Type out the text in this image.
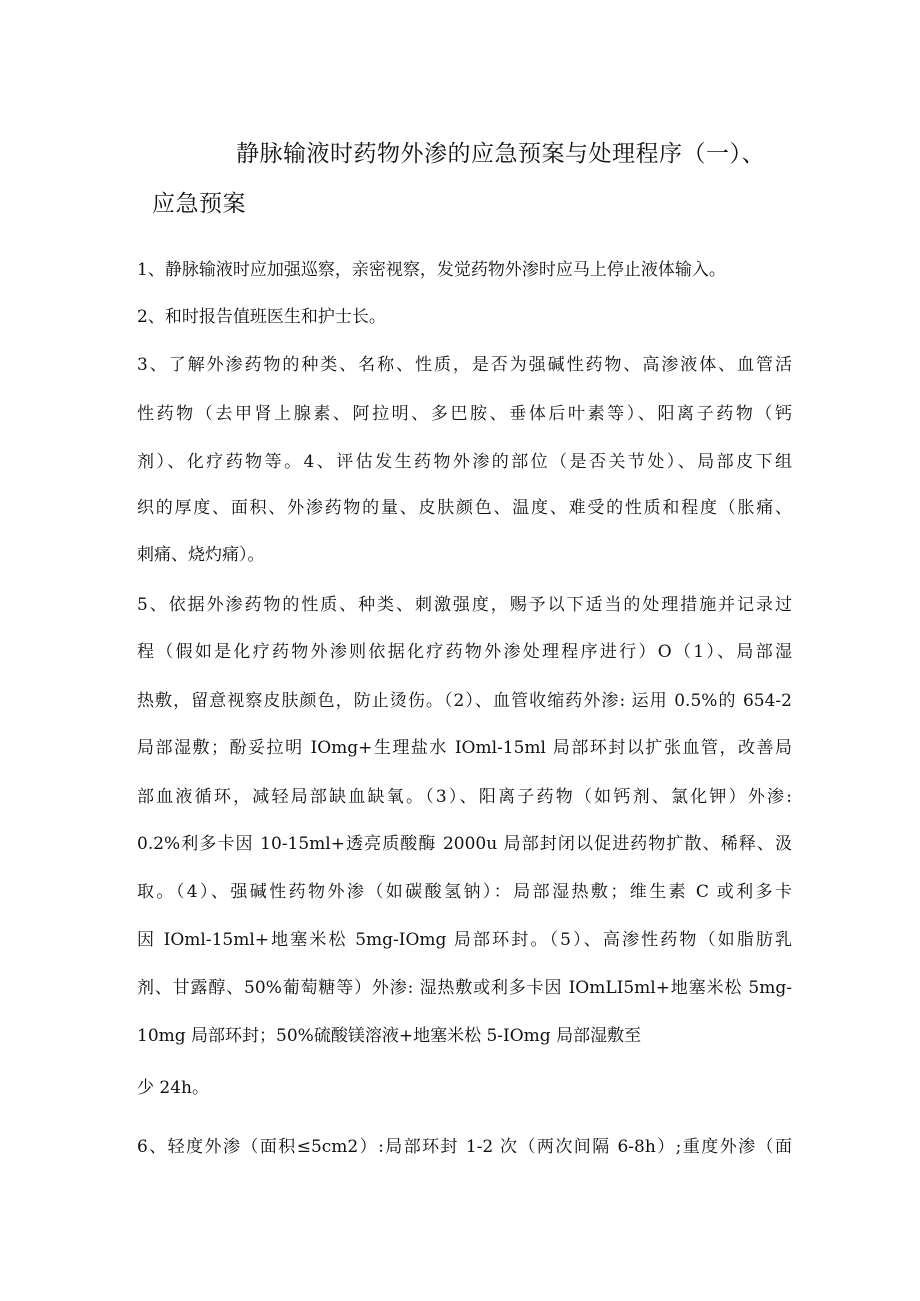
静脉输液时药物外渗的应急预案与处理程序（一）、
应急预案
1、静脉输液时应加强巡察，亲密视察，发觉药物外渗时应马上停止液体输入。
2、和时报告值班医生和护士长。
3、了解外渗药物的种类、名称、性质，是否为强碱性药物、高渗液体、血管活
性药物（去甲肾上腺素、阿拉明、多巴胺、垂体后叶素等）、阳离子药物（钙
剂）、化疗药物等。4、评估发生药物外渗的部位（是否关节处）、局部皮下组
织的厚度、面积、外渗药物的量、皮肤颜色、温度、难受的性质和程度（胀痛、
刺痛、烧灼痛）。
5、依据外渗药物的性质、种类、刺激强度，赐予以下适当的处理措施并记录过
程（假如是化疗药物外渗则依据化疗药物外渗处理程序进行）O（1）、局部湿
热敷，留意视察皮肤颜色，防止烫伤。（2）、血管收缩药外渗: 运用 0.5%的 654-2
局部湿敷；酚妥拉明 IOmg+生理盐水 IOml-15ml 局部环封以扩张血管，改善局
部血液循环，减轻局部缺血缺氧。（3）、阳离子药物（如钙剂、氯化钾）外渗:
0.2%利多卡因 10-15ml+透亮质酸酶 2000u 局部封闭以促进药物扩散、稀释、汲
取。（4）、强碱性药物外渗（如碳酸氢钠）：局部湿热敷；维生素 C 或利多卡
因 IOml-15ml+地塞米松 5mg-IOmg 局部环封。（5）、高渗性药物（如脂肪乳
剂、甘露醇、50%葡萄糖等）外渗: 湿热敷或利多卡因 IOmLI5ml+地塞米松 5mg-
10mg 局部环封；50%硫酸镁溶液+地塞米松 5-IOmg 局部湿敷至
少 24h。
6、轻度外渗（面积≤5cm2）:局部环封 1-2 次（两次间隔 6-8h）;重度外渗（面
